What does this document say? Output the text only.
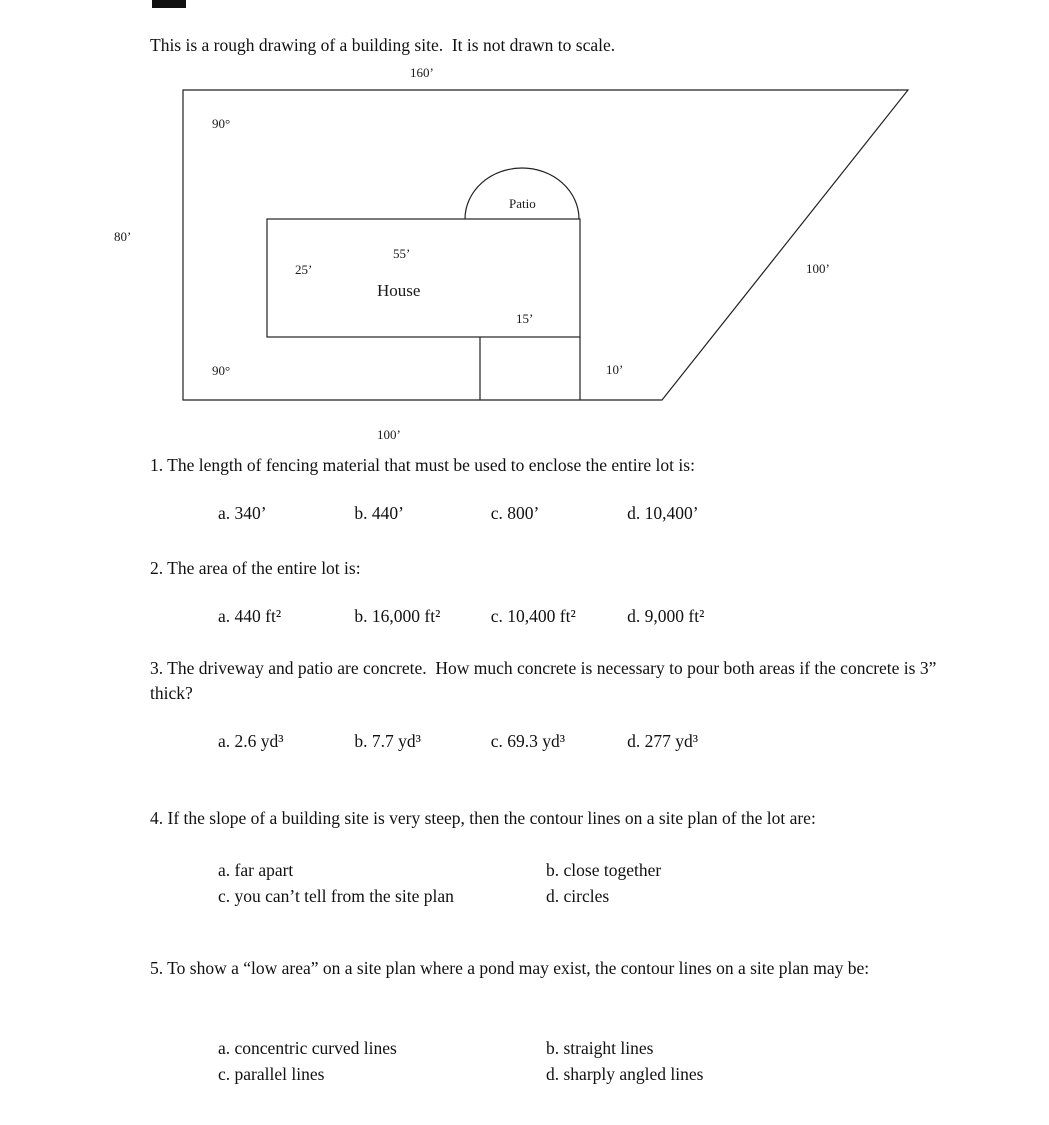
This is a rough drawing of a building site.  It is not drawn to scale.

160’
90°
80’
55’
25’
House
Patio
15’
90°	10’
100’
100’

1. The length of fencing material that must be used to enclose the entire lot is:

a. 340’	b. 440’	c. 800’	d. 10,400’

2. The area of the entire lot is:

a. 440 ft²	b. 16,000 ft²	c. 10,400 ft²	d. 9,000 ft²

3. The driveway and patio are concrete.  How much concrete is necessary to pour both areas if the concrete is 3” thick?

a. 2.6 yd³	b. 7.7 yd³	c. 69.3 yd³	d. 277 yd³

4. If the slope of a building site is very steep, then the contour lines on a site plan of the lot are:

a. far apart	b. close together
c. you can’t tell from the site plan	d. circles

5. To show a “low area” on a site plan where a pond may exist, the contour lines on a site plan may be:

a. concentric curved lines	b. straight lines
c. parallel lines	d. sharply angled lines
